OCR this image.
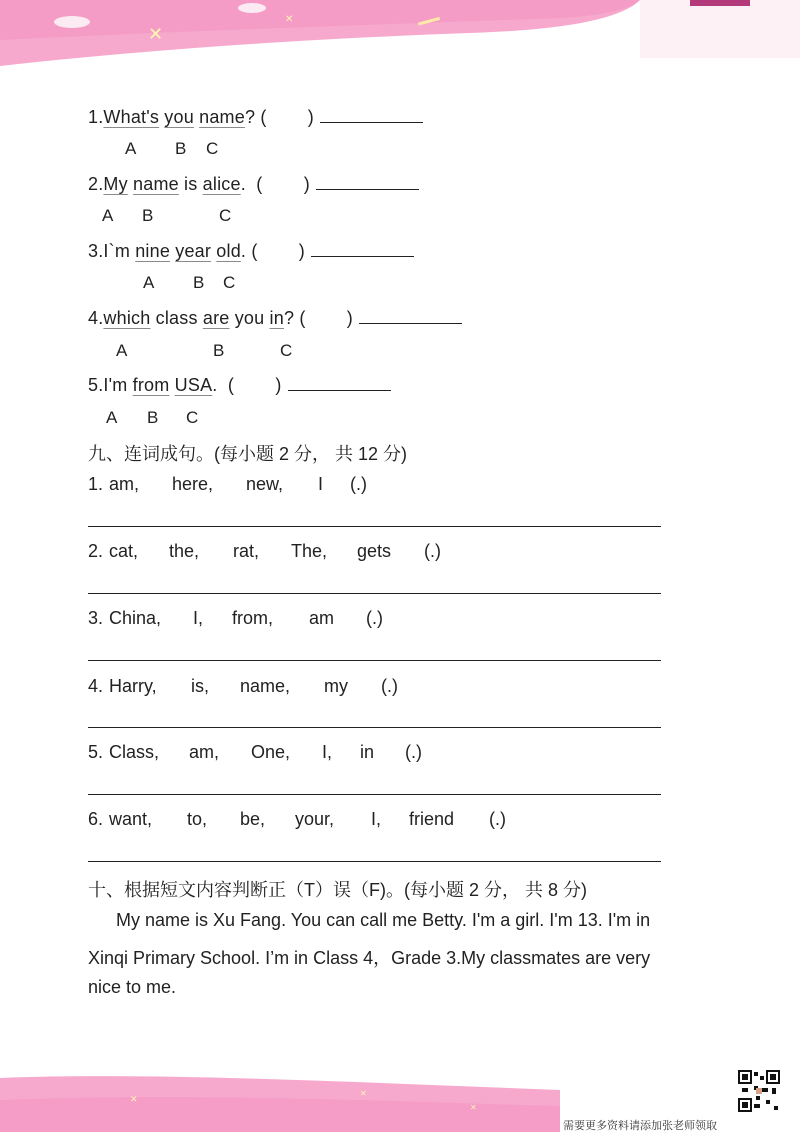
✕
✕
1.What's you name? ( )
A B C
2.My name is alice.  ( )
A B	C
3.I`m nine year old. ( )
A B C
4.which class are you in? ( )
A	B	C
5.I'm from USA.  ( )
A B C
九、连词成句。(每小题 2 分， 共 12 分)
1. am, here, new, I (.)
2. cat, the, rat, The, gets (.)
3. China, I, from, am (.)
4. Harry, is, name, my (.)
5. Class, am, One, I, in (.)
6. want, to, be, your, I, friend (.)
十、根据短文内容判断正（T）误（F)。(每小题 2 分， 共 8 分)
My name is Xu Fang. You can call me Betty. I'm a girl. I'm 13. I'm in
Xinqi Primary School. I’m in Class 4，Grade 3.My classmates are very
nice to me.
✕
✕
✕
需要更多资料请添加张老师领取
